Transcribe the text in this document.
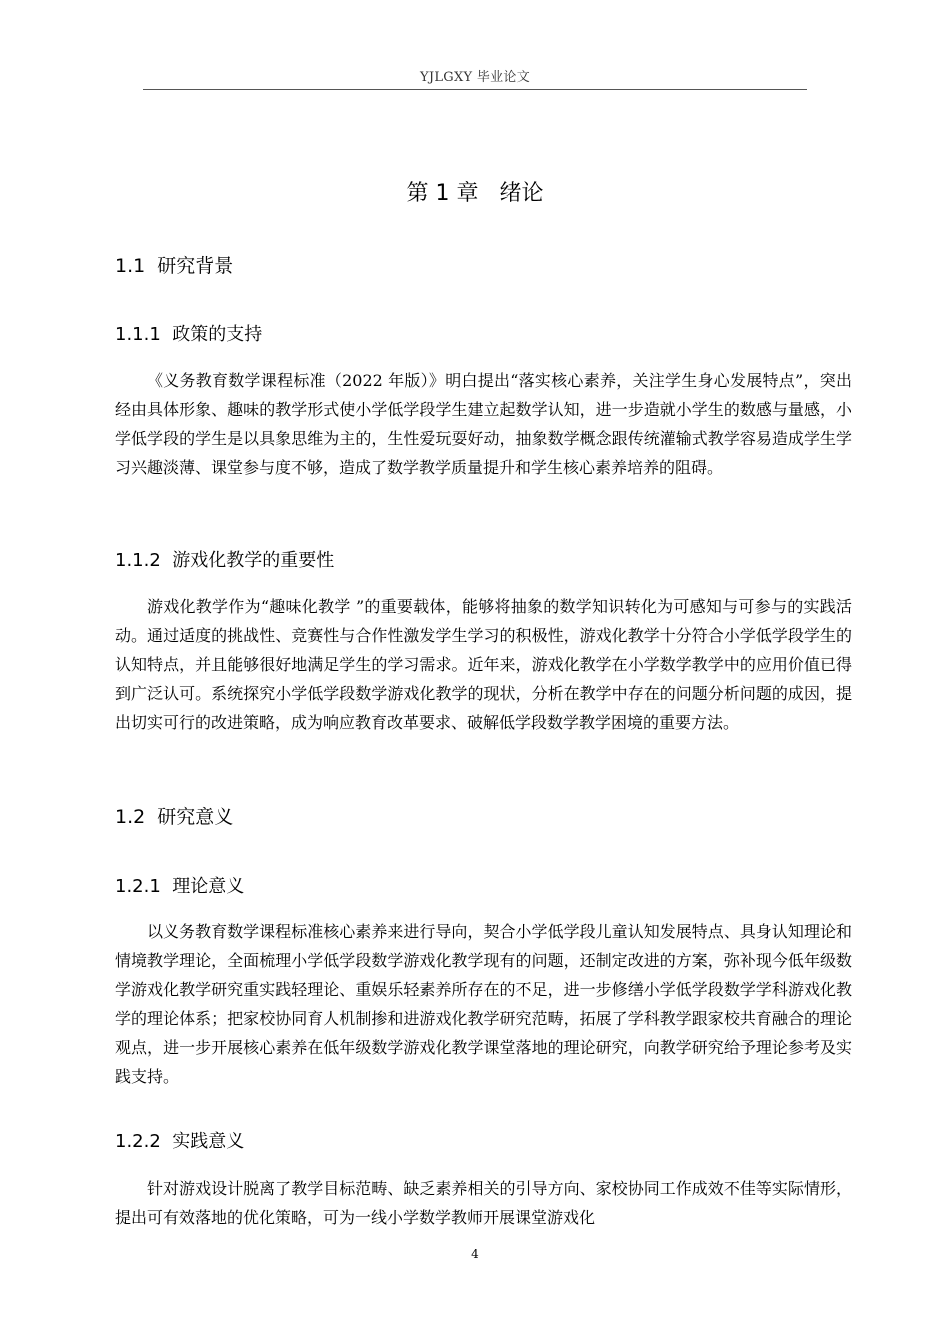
YJLGXY 毕业论文
第 1 章   绪论
1.1  研究背景
1.1.1  政策的支持

《义务教育数学课程标准（2022 年版）》明白提出“落实核心素养，关注学生身心发展特点”，突出经由具体形象、趣味的教学形式使小学低学段学生建立起数学认知，进一步造就小学生的数感与量感，小学低学段的学生是以具象思维为主的，生性爱玩耍好动，抽象数学概念跟传统灌输式教学容易造成学生学习兴趣淡薄、课堂参与度不够，造成了数学教学质量提升和学生核心素养培养的阻碍。

1.1.2  游戏化教学的重要性

游戏化教学作为“趣味化教学 ”的重要载体，能够将抽象的数学知识转化为可感知与可参与的实践活动。通过适度的挑战性、竞赛性与合作性激发学生学习的积极性，游戏化教学十分符合小学低学段学生的认知特点，并且能够很好地满足学生的学习需求。近年来，游戏化教学在小学数学教学中的应用价值已得到广泛认可。系统探究小学低学段数学游戏化教学的现状，分析在教学中存在的问题分析问题的成因，提出切实可行的改进策略，成为响应教育改革要求、破解低学段数学教学困境的重要方法。

1.2  研究意义
1.2.1  理论意义

以义务教育数学课程标准核心素养来进行导向，契合小学低学段儿童认知发展特点、具身认知理论和情境教学理论，全面梳理小学低学段数学游戏化教学现有的问题，还制定改进的方案，弥补现今低年级数学游戏化教学研究重实践轻理论、重娱乐轻素养所存在的不足，进一步修缮小学低学段数学学科游戏化教学的理论体系；把家校协同育人机制掺和进游戏化教学研究范畴，拓展了学科教学跟家校共育融合的理论观点，进一步开展核心素养在低年级数学游戏化教学课堂落地的理论研究，向教学研究给予理论参考及实践支持。

1.2.2  实践意义

针对游戏设计脱离了教学目标范畴、缺乏素养相关的引导方向、家校协同工作成效不佳等实际情形，提出可有效落地的优化策略，可为一线小学数学教师开展课堂游戏化

4
